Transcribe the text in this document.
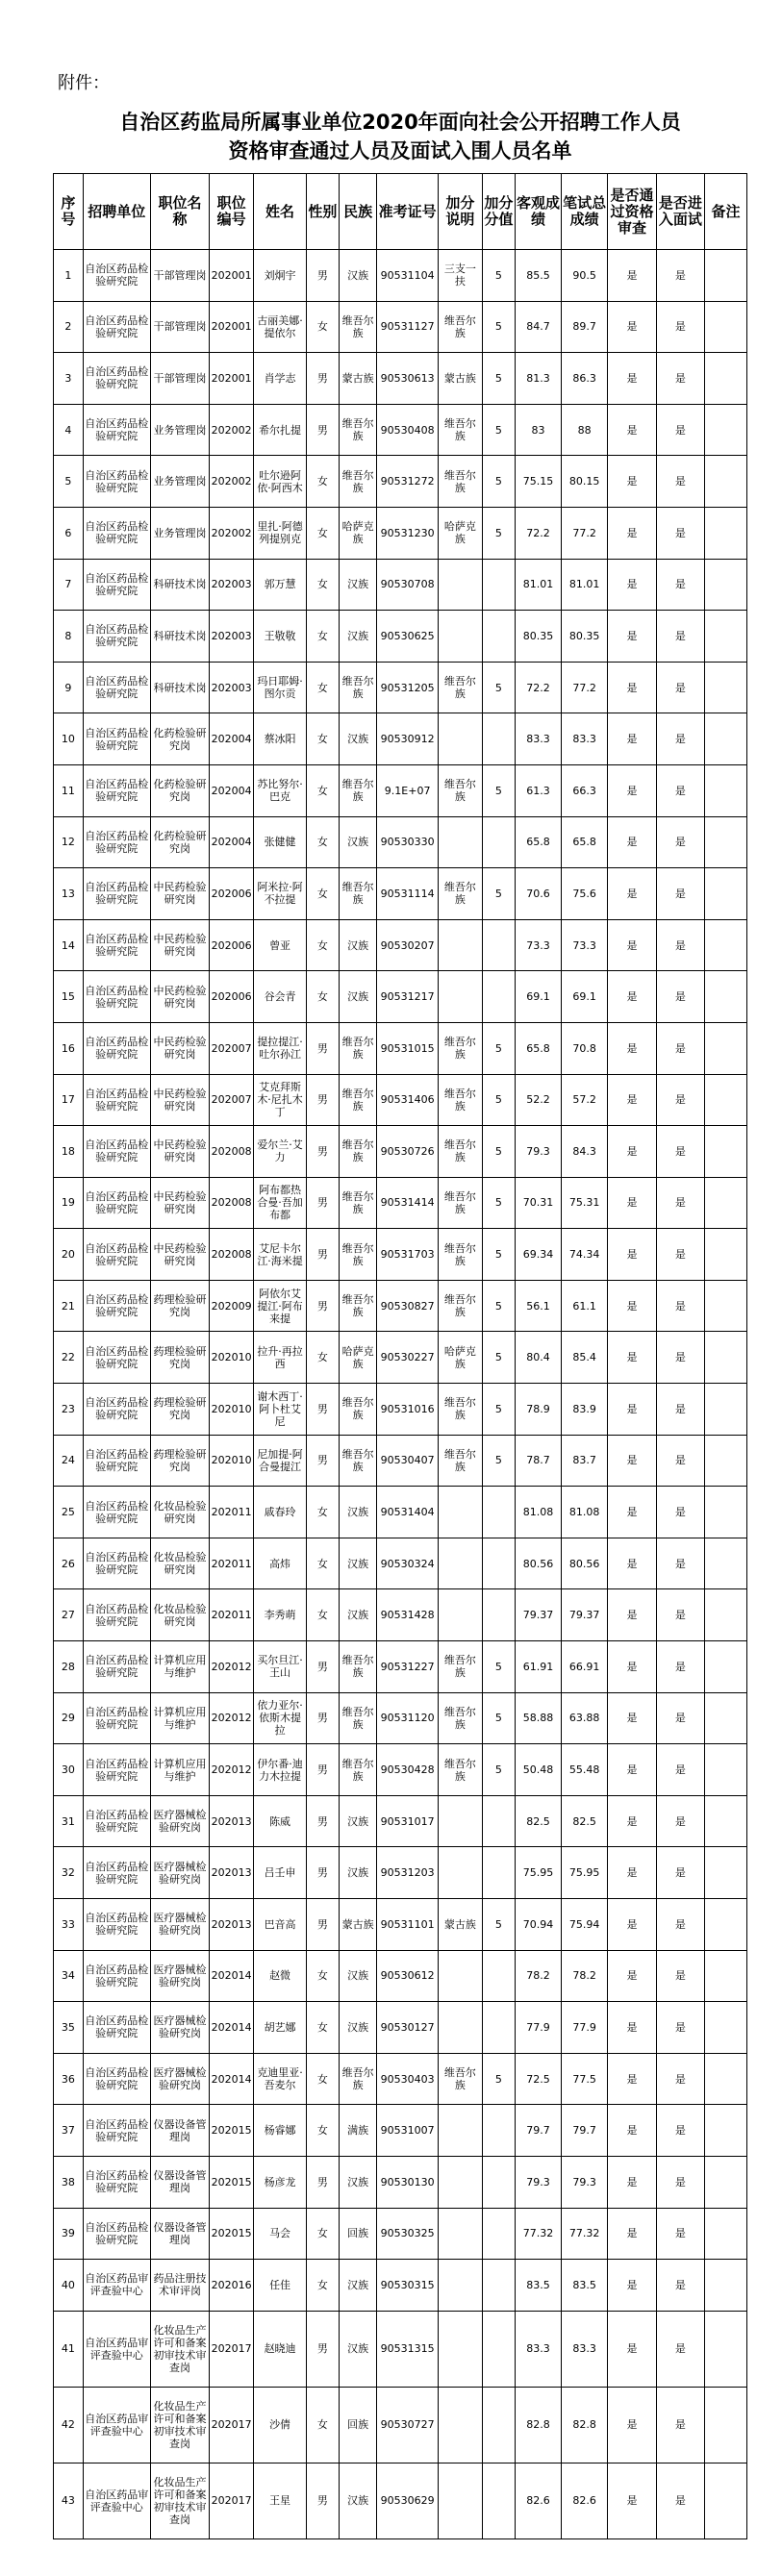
附件：
自治区药监局所属事业单位2020年面向社会公开招聘工作人员
资格审查通过人员及面试入围人员名单
序号	招聘单位	职位名称	职位编号	姓名	性别	民族	准考证号	加分说明	加分分值	客观成绩	笔试总成绩	是否通过资格审查	是否进入面试	备注
1	自治区药品检验研究院	干部管理岗	202001	刘炯宇	男	汉族	90531104	三支一扶	5	85.5	90.5	是	是	
2	自治区药品检验研究院	干部管理岗	202001	古丽美娜·提依尔	女	维吾尔族	90531127	维吾尔族	5	84.7	89.7	是	是	
3	自治区药品检验研究院	干部管理岗	202001	肖学志	男	蒙古族	90530613	蒙古族	5	81.3	86.3	是	是	
4	自治区药品检验研究院	业务管理岗	202002	希尔扎提	男	维吾尔族	90530408	维吾尔族	5	83	88	是	是	
5	自治区药品检验研究院	业务管理岗	202002	吐尔逊阿依·阿西木	女	维吾尔族	90531272	维吾尔族	5	75.15	80.15	是	是	
6	自治区药品检验研究院	业务管理岗	202002	里扎·阿德列提别克	女	哈萨克族	90531230	哈萨克族	5	72.2	77.2	是	是	
7	自治区药品检验研究院	科研技术岗	202003	郭万慧	女	汉族	90530708			81.01	81.01	是	是	
8	自治区药品检验研究院	科研技术岗	202003	王敬敬	女	汉族	90530625			80.35	80.35	是	是	
9	自治区药品检验研究院	科研技术岗	202003	玛日耶姆·图尔贡	女	维吾尔族	90531205	维吾尔族	5	72.2	77.2	是	是	
10	自治区药品检验研究院	化药检验研究岗	202004	蔡冰阳	女	汉族	90530912			83.3	83.3	是	是	
11	自治区药品检验研究院	化药检验研究岗	202004	苏比努尔·巴克	女	维吾尔族	9.1E+07	维吾尔族	5	61.3	66.3	是	是	
12	自治区药品检验研究院	化药检验研究岗	202004	张健健	女	汉族	90530330			65.8	65.8	是	是	
13	自治区药品检验研究院	中民药检验研究岗	202006	阿米拉·阿不拉提	女	维吾尔族	90531114	维吾尔族	5	70.6	75.6	是	是	
14	自治区药品检验研究院	中民药检验研究岗	202006	曾亚	女	汉族	90530207			73.3	73.3	是	是	
15	自治区药品检验研究院	中民药检验研究岗	202006	谷会青	女	汉族	90531217			69.1	69.1	是	是	
16	自治区药品检验研究院	中民药检验研究岗	202007	提拉提江·吐尔孙江	男	维吾尔族	90531015	维吾尔族	5	65.8	70.8	是	是	
17	自治区药品检验研究院	中民药检验研究岗	202007	艾克拜斯木·尼扎木丁	男	维吾尔族	90531406	维吾尔族	5	52.2	57.2	是	是	
18	自治区药品检验研究院	中民药检验研究岗	202008	爱尔兰·艾力	男	维吾尔族	90530726	维吾尔族	5	79.3	84.3	是	是	
19	自治区药品检验研究院	中民药检验研究岗	202008	阿布都热合曼·吾加布都	男	维吾尔族	90531414	维吾尔族	5	70.31	75.31	是	是	
20	自治区药品检验研究院	中民药检验研究岗	202008	艾尼卡尔江·海米提	男	维吾尔族	90531703	维吾尔族	5	69.34	74.34	是	是	
21	自治区药品检验研究院	药理检验研究岗	202009	阿依尔艾提江·阿布来提	男	维吾尔族	90530827	维吾尔族	5	56.1	61.1	是	是	
22	自治区药品检验研究院	药理检验研究岗	202010	拉升·再拉西	女	哈萨克族	90530227	哈萨克族	5	80.4	85.4	是	是	
23	自治区药品检验研究院	药理检验研究岗	202010	谢木西丁·阿卜杜艾尼	男	维吾尔族	90531016	维吾尔族	5	78.9	83.9	是	是	
24	自治区药品检验研究院	药理检验研究岗	202010	尼加提·阿合曼提江	男	维吾尔族	90530407	维吾尔族	5	78.7	83.7	是	是	
25	自治区药品检验研究院	化妆品检验研究岗	202011	戚春玲	女	汉族	90531404			81.08	81.08	是	是	
26	自治区药品检验研究院	化妆品检验研究岗	202011	高炜	女	汉族	90530324			80.56	80.56	是	是	
27	自治区药品检验研究院	化妆品检验研究岗	202011	李秀萌	女	汉族	90531428			79.37	79.37	是	是	
28	自治区药品检验研究院	计算机应用与维护	202012	买尔旦江·王山	男	维吾尔族	90531227	维吾尔族	5	61.91	66.91	是	是	
29	自治区药品检验研究院	计算机应用与维护	202012	依力亚尔·依斯木提拉	男	维吾尔族	90531120	维吾尔族	5	58.88	63.88	是	是	
30	自治区药品检验研究院	计算机应用与维护	202012	伊尔番·迪力木拉提	男	维吾尔族	90530428	维吾尔族	5	50.48	55.48	是	是	
31	自治区药品检验研究院	医疗器械检验研究岗	202013	陈威	男	汉族	90531017			82.5	82.5	是	是	
32	自治区药品检验研究院	医疗器械检验研究岗	202013	吕壬申	男	汉族	90531203			75.95	75.95	是	是	
33	自治区药品检验研究院	医疗器械检验研究岗	202013	巴音高	男	蒙古族	90531101	蒙古族	5	70.94	75.94	是	是	
34	自治区药品检验研究院	医疗器械检验研究岗	202014	赵微	女	汉族	90530612			78.2	78.2	是	是	
35	自治区药品检验研究院	医疗器械检验研究岗	202014	胡艺娜	女	汉族	90530127			77.9	77.9	是	是	
36	自治区药品检验研究院	医疗器械检验研究岗	202014	克迪里亚·吾麦尔	女	维吾尔族	90530403	维吾尔族	5	72.5	77.5	是	是	
37	自治区药品检验研究院	仪器设备管理岗	202015	杨睿娜	女	满族	90531007			79.7	79.7	是	是	
38	自治区药品检验研究院	仪器设备管理岗	202015	杨彦龙	男	汉族	90530130			79.3	79.3	是	是	
39	自治区药品检验研究院	仪器设备管理岗	202015	马会	女	回族	90530325			77.32	77.32	是	是	
40	自治区药品审评查验中心	药品注册技术审评岗	202016	任佳	女	汉族	90530315			83.5	83.5	是	是	
41	自治区药品审评查验中心	化妆品生产许可和备案初审技术审查岗	202017	赵晓迪	男	汉族	90531315			83.3	83.3	是	是	
42	自治区药品审评查验中心	化妆品生产许可和备案初审技术审查岗	202017	沙倩	女	回族	90530727			82.8	82.8	是	是	
43	自治区药品审评查验中心	化妆品生产许可和备案初审技术审查岗	202017	王星	男	汉族	90530629			82.6	82.6	是	是	
